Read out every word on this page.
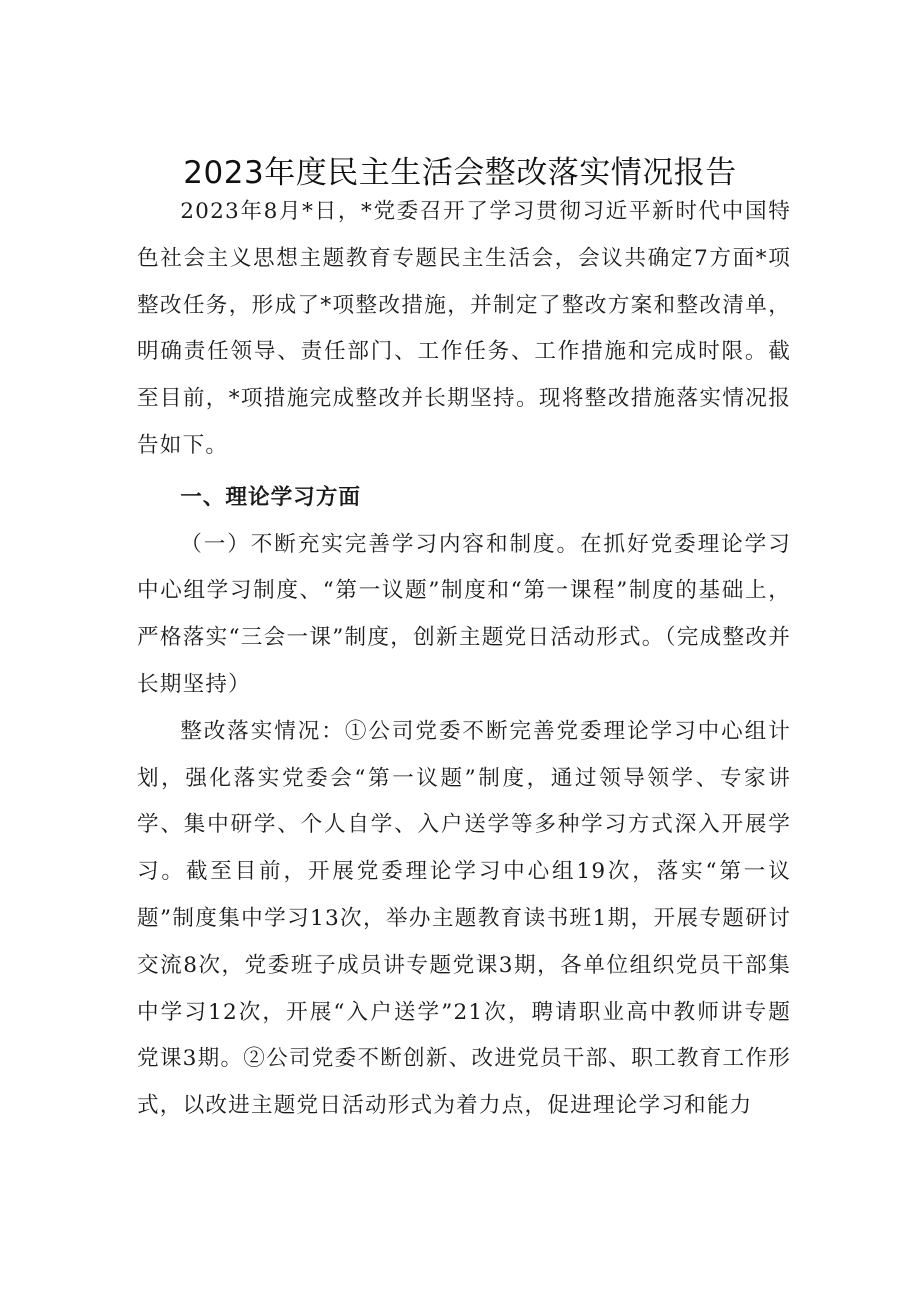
2023年度民主生活会整改落实情况报告

2023年8月*日，*党委召开了学习贯彻习近平新时代中国特色社会主义思想主题教育专题民主生活会，会议共确定7方面*项整改任务，形成了*项整改措施，并制定了整改方案和整改清单，明确责任领导、责任部门、工作任务、工作措施和完成时限。截至目前，*项措施完成整改并长期坚持。现将整改措施落实情况报告如下。

一、理论学习方面

（一）不断充实完善学习内容和制度。在抓好党委理论学习中心组学习制度、“第一议题”制度和“第一课程”制度的基础上，严格落实“三会一课”制度，创新主题党日活动形式。（完成整改并长期坚持）

整改落实情况：①公司党委不断完善党委理论学习中心组计划，强化落实党委会“第一议题”制度，通过领导领学、专家讲学、集中研学、个人自学、入户送学等多种学习方式深入开展学习。截至目前，开展党委理论学习中心组19次，落实“第一议题”制度集中学习13次，举办主题教育读书班1期，开展专题研讨交流8次，党委班子成员讲专题党课3期，各单位组织党员干部集中学习12次，开展“入户送学”21次，聘请职业高中教师讲专题党课3期。②公司党委不断创新、改进党员干部、职工教育工作形式，以改进主题党日活动形式为着力点，促进理论学习和能力
